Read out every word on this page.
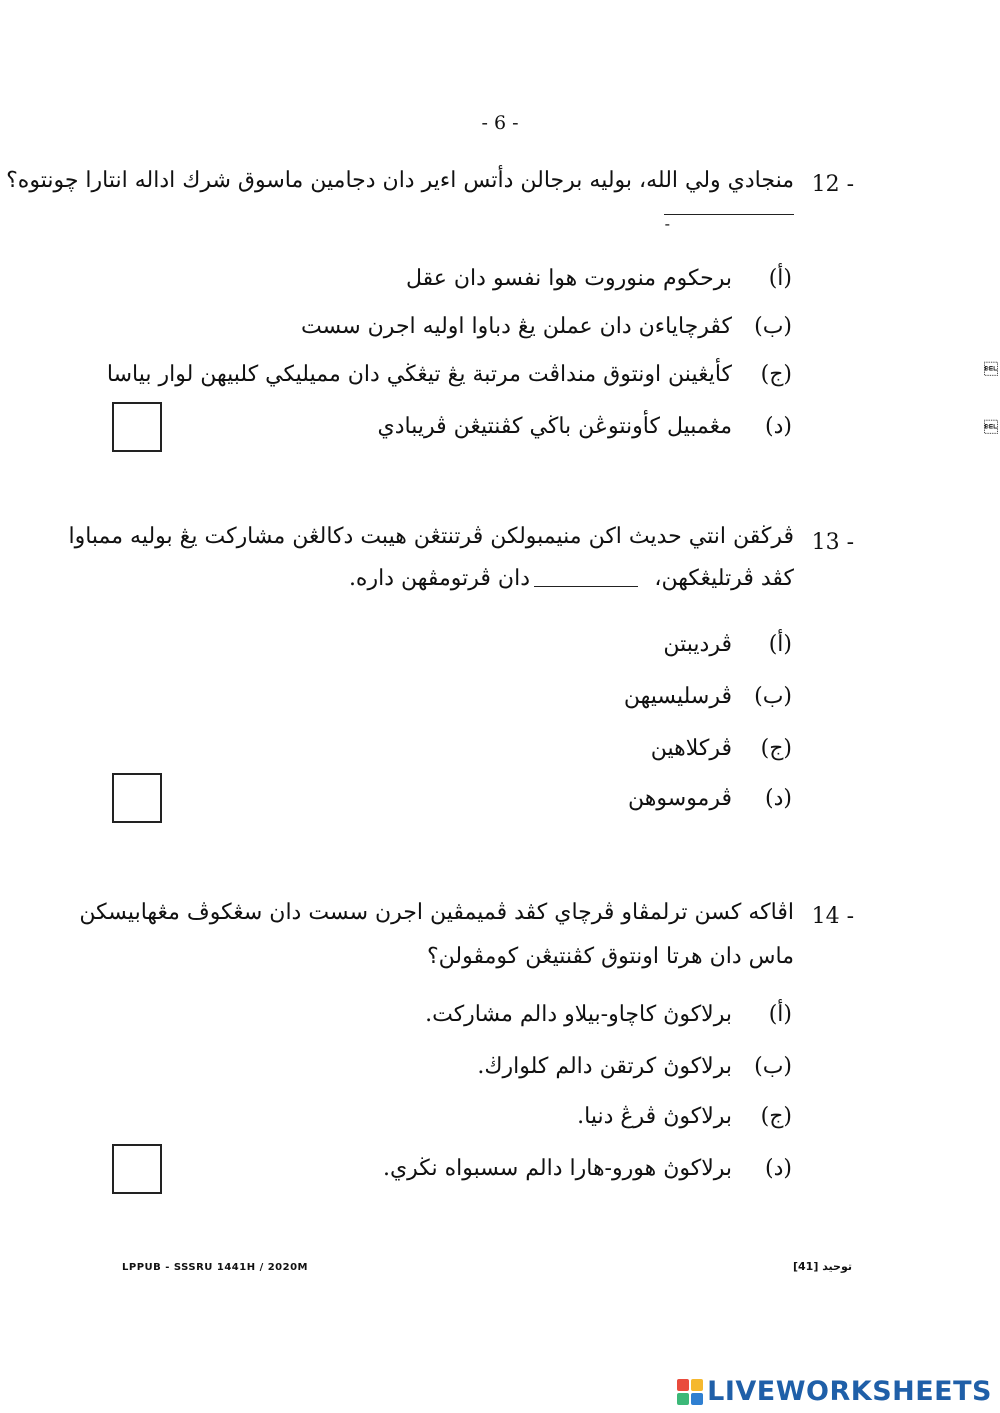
- 6 -
12 -
منجادي ولي الله، بوليه برجالن دأتس اءير دان دجامين ماسوق شرك اداله انتارا چونتوه؟
-
(أ)
برحكوم منوروت هوا نفسو دان عقل
(ب)
كڤرچاياءن دان عملن يڠ دباوا اوليه اجرن سست
(ج)
كأيڠينن اونتوق منداڤت مرتبة يڠ تيڠڬي دان مميليكي كلبيهن لوار بياسا
(د)
مڠمبيل كأونتوڠن باڬي كڤنتيڠن ڤريبادي
13 -
ڤرڬقن انتي حديث اكن منيمبولكن ڤرتنتڠن هيبت دكالڠن مشاركت يڠ بوليه ممباوا
كڤد ڤرتليڠكهن،
دان ڤرتومڤهن داره.
(أ)
ڤرديبتن
(ب)
ڤرسليسيهن
(ج)
ڤركلاهين
(د)
ڤرموسوهن
14 -
اڤاكه كسن ترلمڤاو ڤرچاي كڤد ڤميمڤين اجرن سست دان سڠكوڤ مڠهابيسكن
ماس دان هرتا اونتوق كڤنتيڠن كومڤولن؟
(أ)
برلاكوڽ كاچاو-بيلاو دالم مشاركت.
(ب)
برلاكوڽ كرتقن دالم كلوارڬ.
(ج)
برلاكوڽ ڤرڠ دنيا.
(د)
برلاكوڽ هورو-هارا دالم سسبواه نڬري.


LPPUB - SSSRU 1441H / 2020M	توحيد [41]
LIVEWORKSHEETS
